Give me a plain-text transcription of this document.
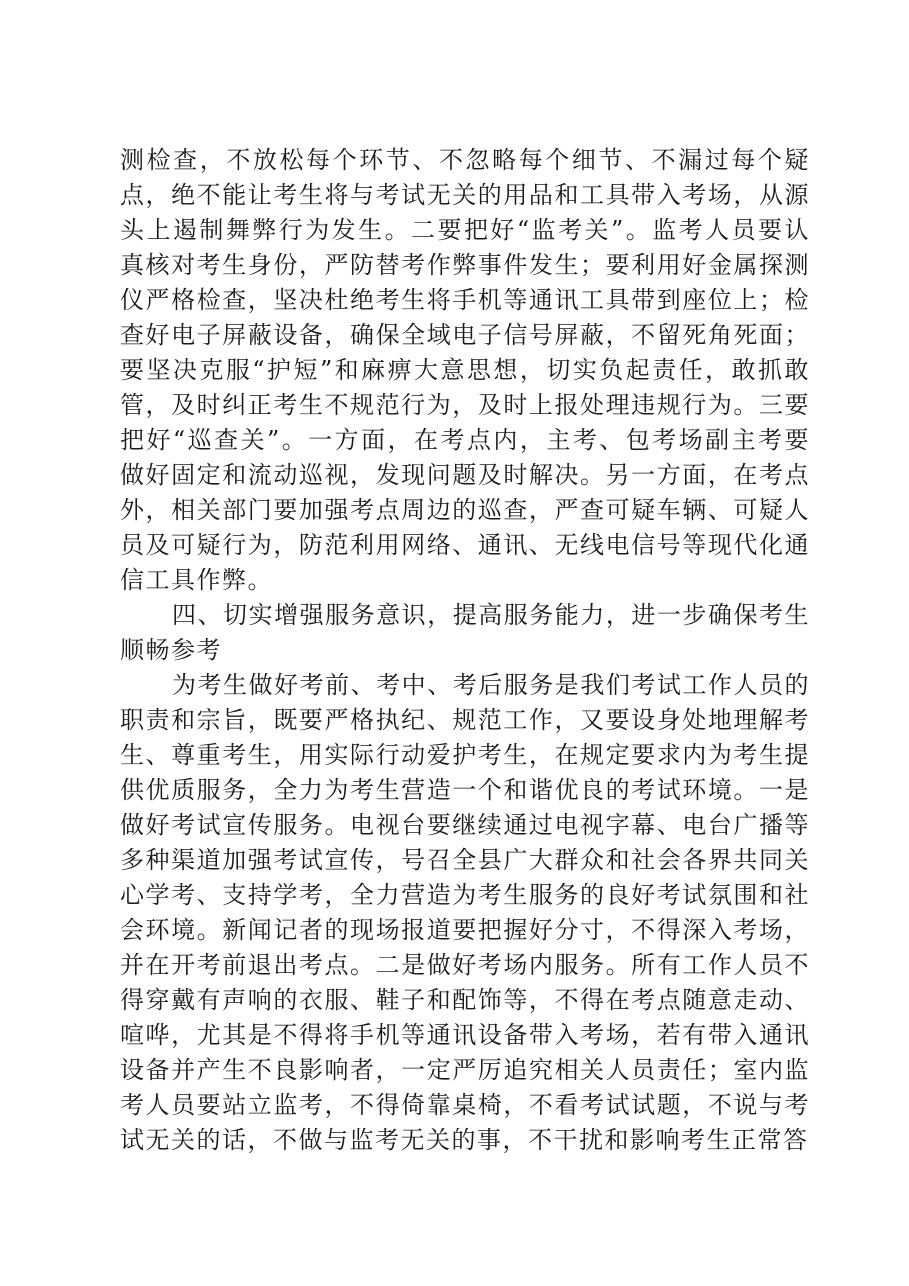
测检查，不放松每个环节、不忽略每个细节、不漏过每个疑点，绝不能让考生将与考试无关的用品和工具带入考场，从源头上遏制舞弊行为发生。二要把好“监考关”。监考人员要认真核对考生身份，严防替考作弊事件发生；要利用好金属探测仪严格检查，坚决杜绝考生将手机等通讯工具带到座位上；检查好电子屏蔽设备，确保全域电子信号屏蔽，不留死角死面；要坚决克服“护短”和麻痹大意思想，切实负起责任，敢抓敢管，及时纠正考生不规范行为，及时上报处理违规行为。三要把好“巡查关”。一方面，在考点内，主考、包考场副主考要做好固定和流动巡视，发现问题及时解决。另一方面，在考点外，相关部门要加强考点周边的巡查，严查可疑车辆、可疑人员及可疑行为，防范利用网络、通讯、无线电信号等现代化通信工具作弊。

四、切实增强服务意识，提高服务能力，进一步确保考生顺畅参考

为考生做好考前、考中、考后服务是我们考试工作人员的职责和宗旨，既要严格执纪、规范工作，又要设身处地理解考生、尊重考生，用实际行动爱护考生，在规定要求内为考生提供优质服务，全力为考生营造一个和谐优良的考试环境。一是做好考试宣传服务。电视台要继续通过电视字幕、电台广播等多种渠道加强考试宣传，号召全县广大群众和社会各界共同关心学考、支持学考，全力营造为考生服务的良好考试氛围和社会环境。新闻记者的现场报道要把握好分寸，不得深入考场，并在开考前退出考点。二是做好考场内服务。所有工作人员不得穿戴有声响的衣服、鞋子和配饰等，不得在考点随意走动、喧哗，尤其是不得将手机等通讯设备带入考场，若有带入通讯设备并产生不良影响者，一定严厉追究相关人员责任；室内监考人员要站立监考，不得倚靠桌椅，不看考试试题，不说与考试无关的话，不做与监考无关的事，不干扰和影响考生正常答
